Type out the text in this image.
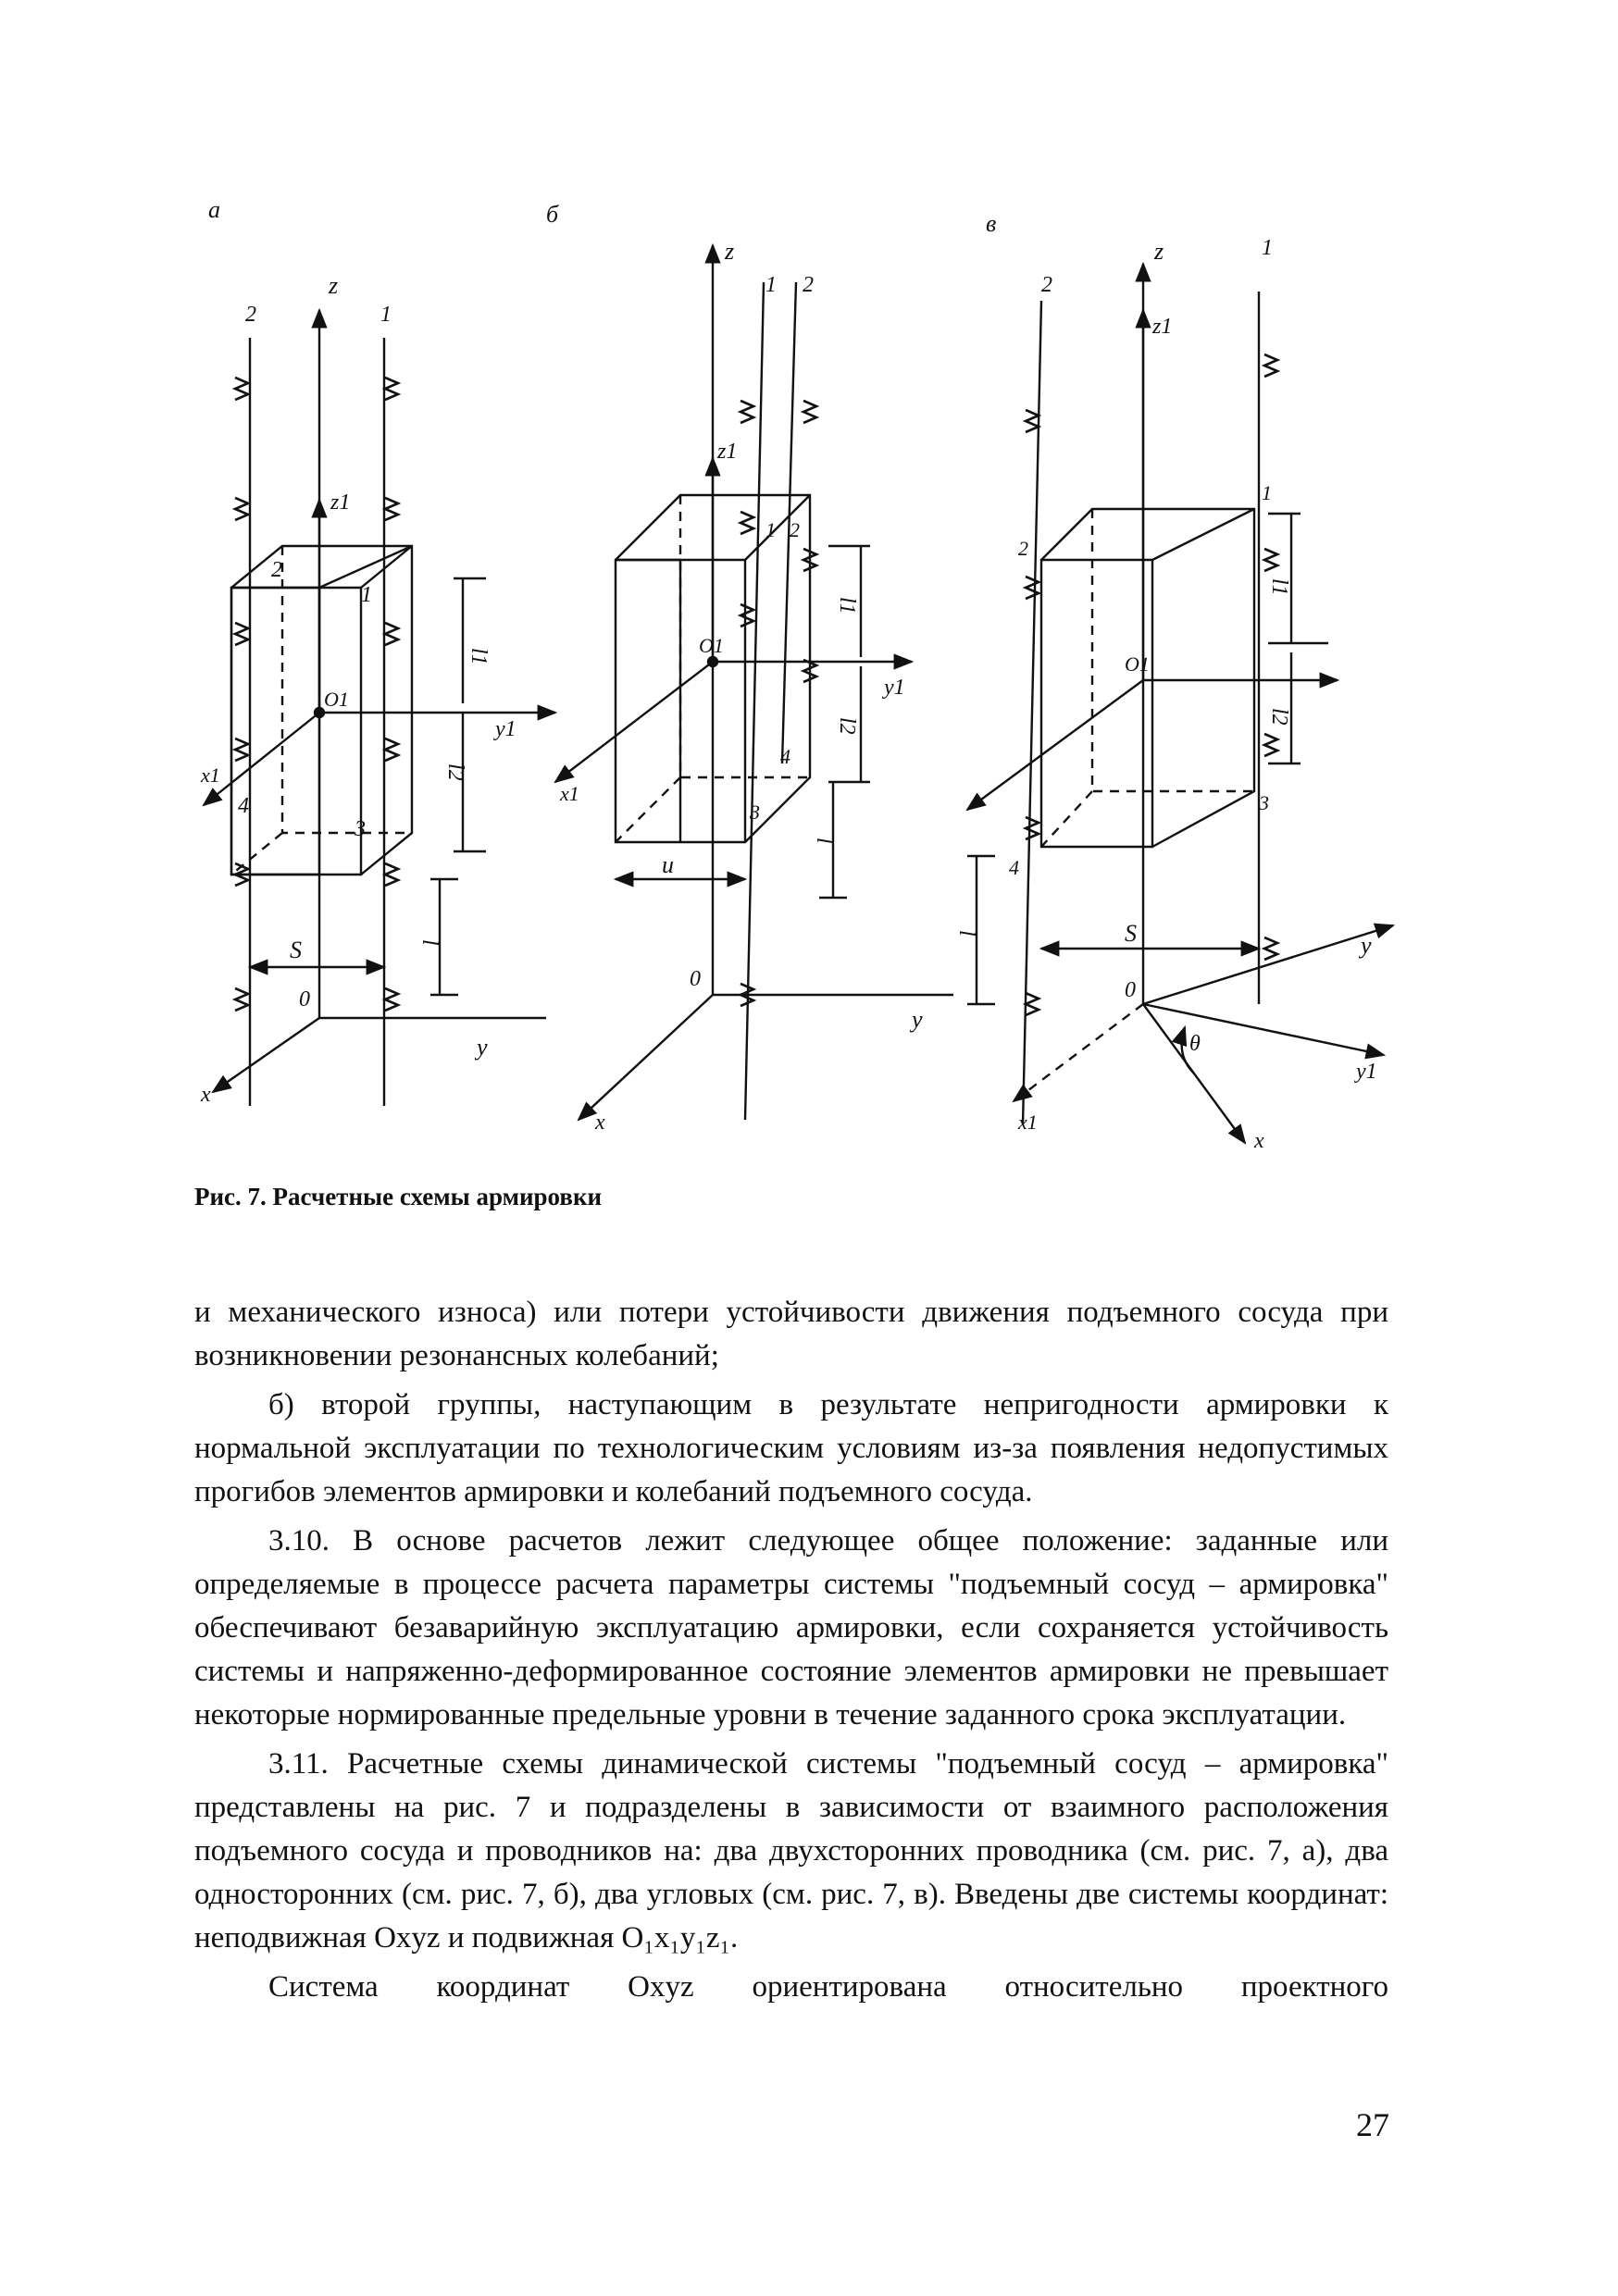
а
z
0
y
x
2	1
z1
O1
y1
x1
2
1
4
3
l1
l2
l
S
б
z
0
y
x
1 2
z1
O1
y1
x1
1 2
4
3
l1
l2
l
u
в
z
0
y
y1
x
x1
θ
2
1
z1
O1
1
2
3
4
l1
l2
l	S
Рис. 7. Расчетные схемы армировки

и механического износа) или потери устойчивости движения подъемного сосуда при возникновении резонансных колебаний;

б) второй группы, наступающим в результате непригодности армировки к нормальной эксплуатации по технологическим условиям из-за появления недопустимых прогибов элементов армировки и колебаний подъемного сосуда.

3.10. В основе расчетов лежит следующее общее положение: заданные или определяемые в процессе расчета параметры системы "подъемный сосуд – армировка" обеспечивают безаварийную эксплуатацию армировки, если сохраняется устойчивость системы и напряженно-деформированное состояние элементов армировки не превышает некоторые нормированные предельные уровни в течение заданного срока эксплуатации.

3.11. Расчетные схемы динамической системы "подъемный сосуд – армировка" представлены на рис. 7 и подразделены в зависимости от взаимного расположения подъемного сосуда и проводников на: два двухсторонних проводника (см. рис. 7, а), два односторонних (см. рис. 7, б), два угловых (см. рис. 7, в). Введены две системы координат: неподвижная Oxyz и подвижная O₁x₁y₁z₁.

Система координат Oxyz ориентирована относительно проектного

27
